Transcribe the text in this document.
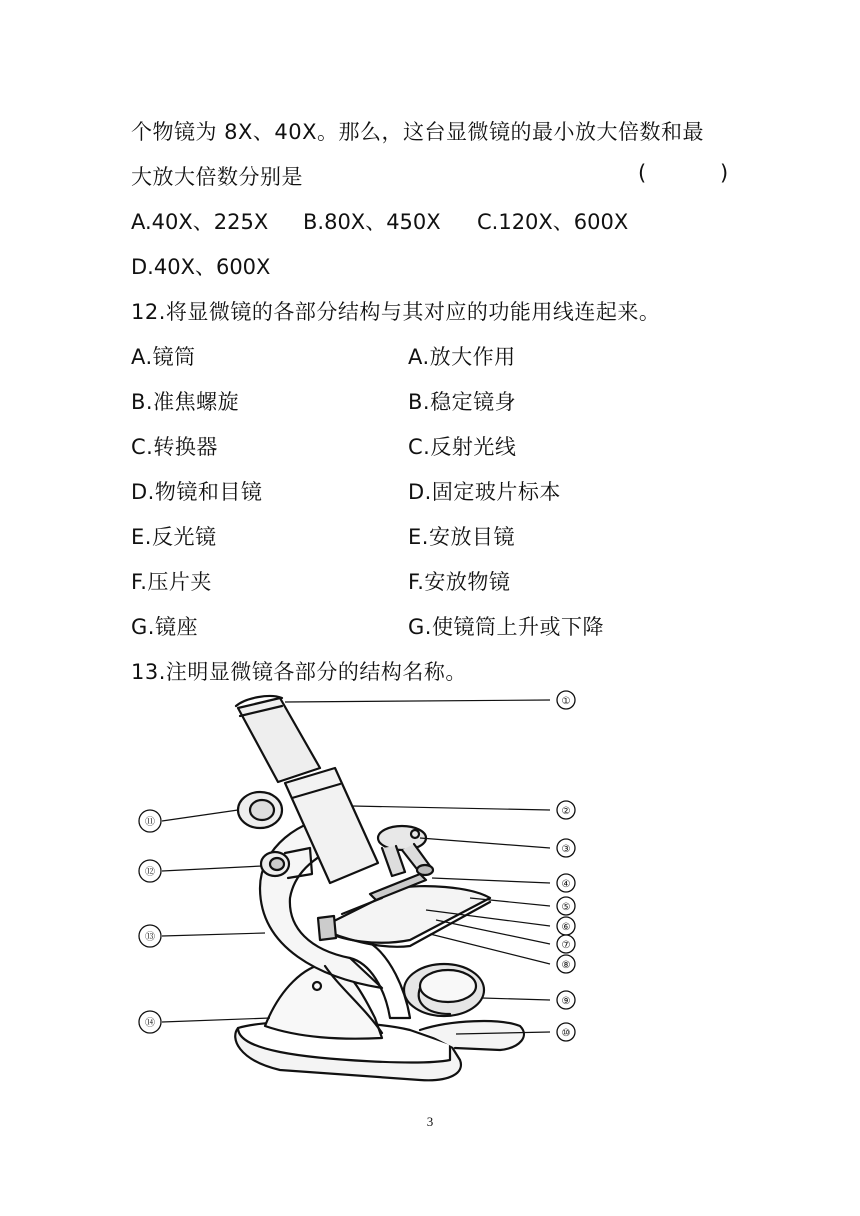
个物镜为 8X、40X。那么，这台显微镜的最小放大倍数和最
大放大倍数分别是	(	)
A.40X、225X B.80X、450X C.120X、600X
D.40X、600X
12.将显微镜的各部分结构与其对应的功能用线连起来。
A.镜筒
B.准焦螺旋
C.转换器
D.物镜和目镜
E.反光镜
F.压片夹
G.镜座
A.放大作用
B.稳定镜身
C.反射光线
D.固定玻片标本
E.安放目镜
F.安放物镜
G.使镜筒上升或下降
13.注明显微镜各部分的结构名称。
①
②
③
④
⑤
⑥
⑦
⑧
⑨
⑩
⑪
⑫
⑬
⑭
3
